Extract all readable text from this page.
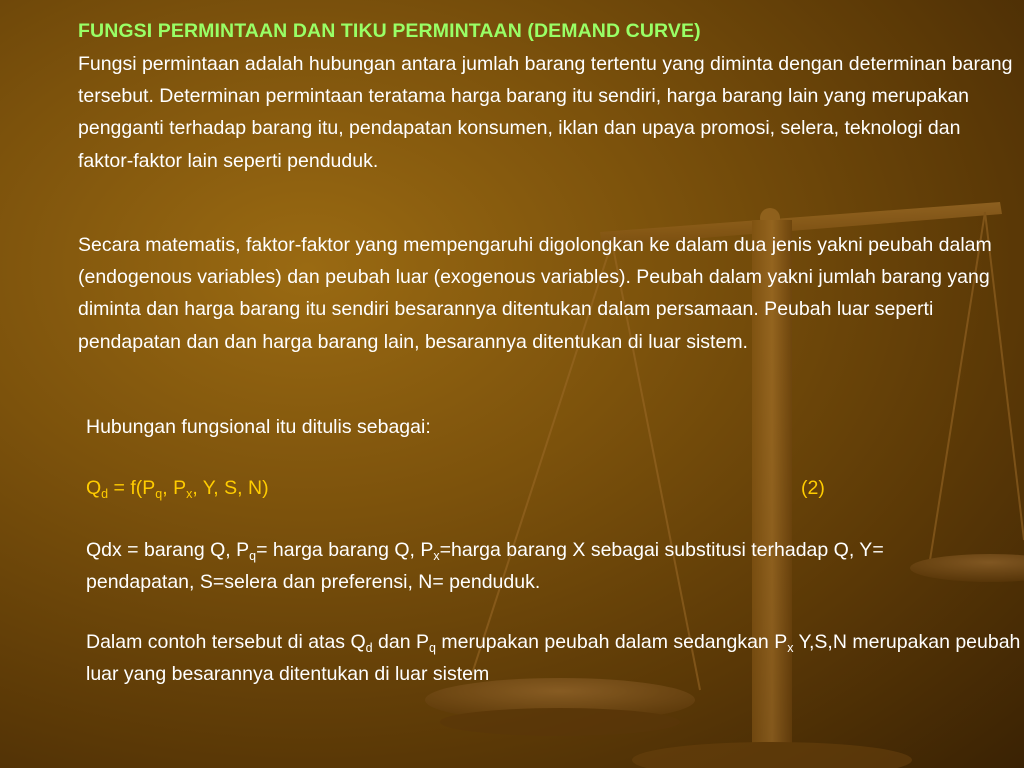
FUNGSI PERMINTAAN DAN TIKU PERMINTAAN (DEMAND CURVE)

Fungsi permintaan adalah hubungan antara jumlah barang tertentu yang diminta dengan determinan barang tersebut. Determinan permintaan teratama harga barang itu sendiri, harga barang lain yang merupakan pengganti terhadap barang itu, pendapatan konsumen, iklan dan upaya promosi, selera, teknologi dan faktor-faktor lain seperti penduduk.

Secara matematis, faktor-faktor yang mempengaruhi digolongkan ke dalam dua jenis yakni peubah dalam (endogenous variables) dan peubah luar (exogenous variables). Peubah dalam yakni jumlah barang yang diminta dan harga barang itu sendiri besarannya ditentukan dalam persamaan. Peubah luar seperti pendapatan dan dan harga barang lain, besarannya ditentukan di luar sistem.

Hubungan fungsional itu ditulis sebagai:

$Q_d = f(P_q$, $P_x$, Y, S, N)	(2)

Qdx = barang Q, $P_q=$ harga barang Q, $P_x=harga$ barang X sebagai substitusi terhadap Q, Y= pendapatan, S=selera dan preferensi, N= penduduk.

Dalam contoh tersebut di atas $Q_d$ dan $P_q$ merupakan peubah dalam sedangkan $P_x$ Y,S,N merupakan peubah luar yang besarannya ditentukan di luar sistem
